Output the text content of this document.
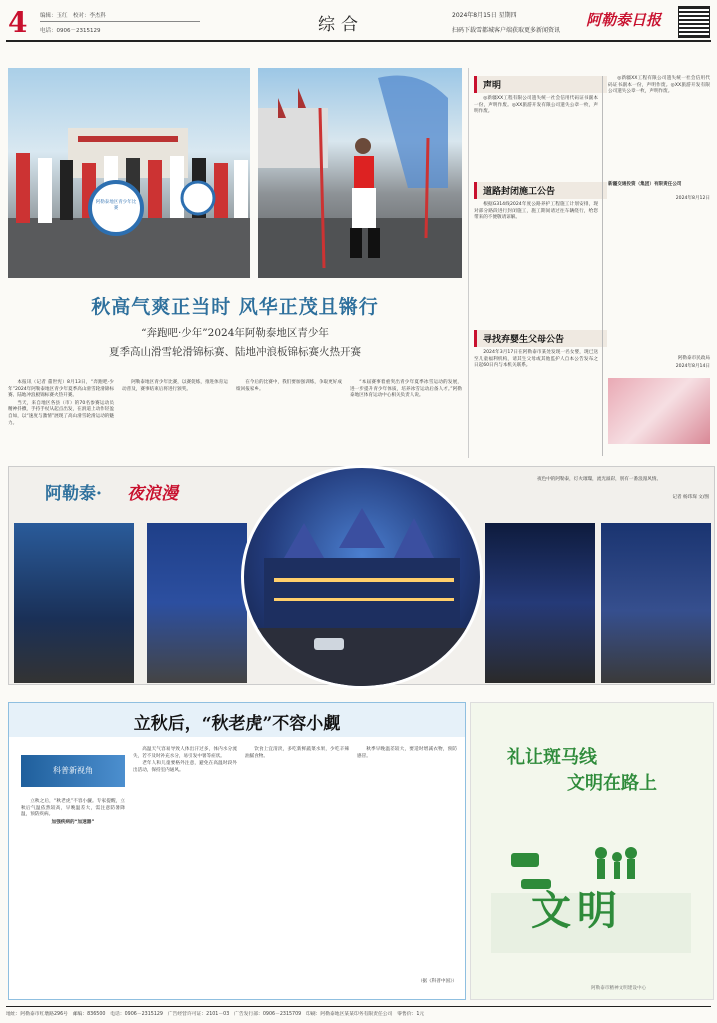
4 编辑：玉红　校对：李杰科
电话：0906－2315129	综合	2024年8月15日 星期四
扫码下载雪都城客户端获取更多新闻资讯
阿勒泰日报
阿勒泰地区青少年比赛
秋高气爽正当时 风华正茂且锵行
“奔跑吧·少年”2024年阿勒泰地区青少年
夏季高山滑雪轮滑锦标赛、陆地冲浪板锦标赛火热开赛

本报讯（记者 董世宪）8月13日，“奔跑吧·少年”2024年阿勒泰地区青少年夏季高山滑雪轮滑锦标赛、陆地冲浪板锦标赛火热开赛。

当天，来自地区各县（市）的70名参赛运动员精神抖擞，手持手杖从起点出发，在滑道上动作轻盈自如，以“速度与激情”展现了高山滑雪轮滑运动的魅力。

阿勒泰地区青少年比赛，以赛促练，推进体育运动普及，赛事结束后将进行颁奖。

在今后的比赛中，我们要加强训练，争取更好成绩回报家乡。

“本届赛事着重突出青少年夏季冰雪运动的发展，进一步提升青少年体质，培养冰雪运动后备人才。”阿勒泰地区体育运动中心相关负责人说。

声明

◎新疆XX工程有限公司遗失统一社会信用代码证书副本一份，声明作废。◎XX旅游开发有限公司遗失公章一枚，声明作废。

道路封闭施工公告

根据G314线2024年度公路养护工程施工计划安排，现对部分路段进行封闭施工，施工期间请过往车辆绕行，给您带来的不便敬请谅解。

寻找弃婴生父母公告

2024年3月17日在阿勒泰市某处发现一名女婴，现已送至儿童福利机构，请其生父母或其他监护人自本公告发布之日起60日内与本机关联系。

◎新疆XX工程有限公司遗失统一社会信用代码证书副本一份，声明作废。◎XX旅游开发有限公司遗失公章一枚，声明作废。

新疆交通投资（集团）有限责任公司
2024年8月12日
阿勒泰市民政局
2024年8月14日
阿勒泰· 夜浪漫
夜色中的阿勒泰，灯火璀璨，流光溢彩，别有一番浪漫风情。
记者 杨玮琛 文/图
立秋后，“秋老虎”不容小觑
科普新视角

立秋之后，“秋老虎”不容小觑。专家提醒，立秋后气温依然较高，早晚温差大，需注意防暑降温，预防疾病。

加强疾病的“加速器”

高温天气容易导致人体出汗过多，体内水分流失，若不及时补充水分，易引发中暑等症状。

老年人和儿童要格外注意，避免在高温时段外出活动，保持室内通风。

饮食上宜清淡，多吃新鲜蔬菜水果，少吃辛辣油腻食物。

秋季早晚温差较大，要适时增减衣物，预防感冒。

（据《科普中国》）
礼让斑马线
文明在路上
文明
阿勒泰市精神文明建设中心
地址：阿勒泰市红墩路296号　邮编：836500　电话：0906－2315129　广告经营许可证：2101－03　广告发行部：0906－2315709　印刷：阿勒泰地区某某印务有限责任公司　零售价：1元
